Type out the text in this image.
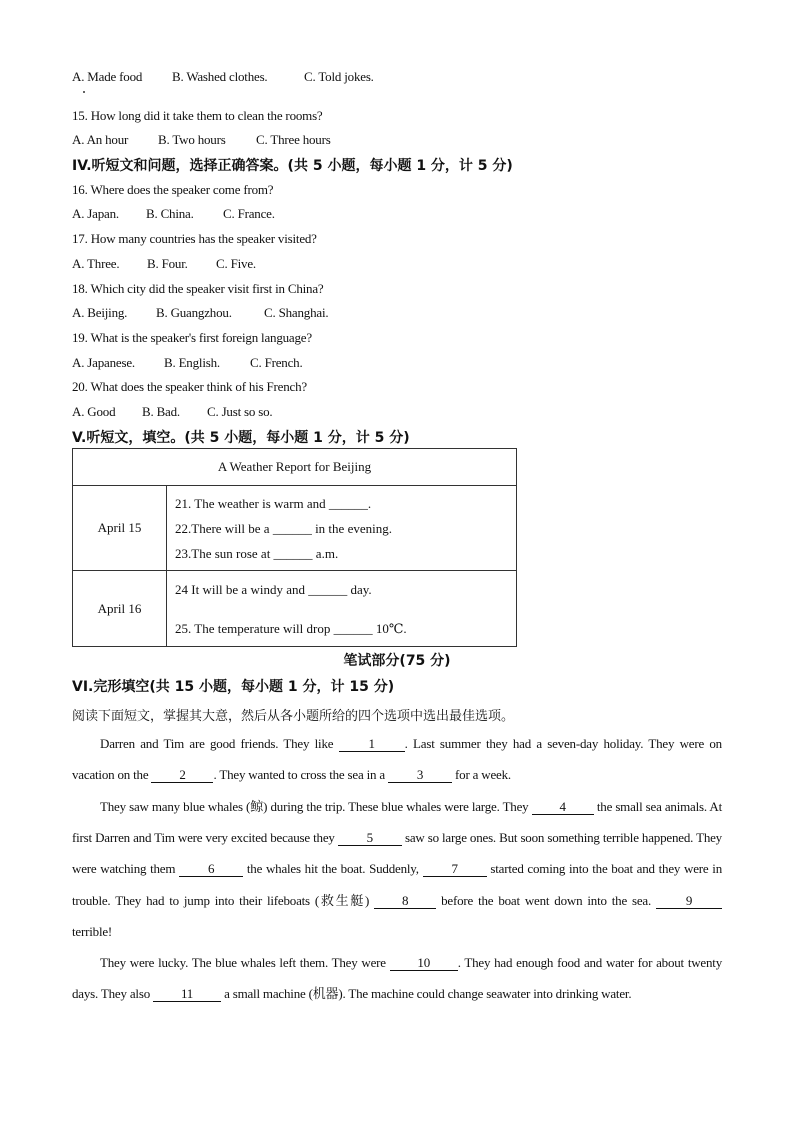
A. Made food B. Washed clothes.	C. Told jokes.
15. How long did it take them to clean the rooms?
A. An hour B. Two hours C. Three hours
IV.听短文和问题，选择正确答案。(共 5 小题，每小题 1 分，计 5 分)
16. Where does the speaker come from?
A. Japan. B. China. C. France.
17. How many countries has the speaker visited?
A. Three. B. Four. C. Five.
18. Which city did the speaker visit first in China?
A. Beijing. B. Guangzhou. C. Shanghai.
19. What is the speaker's first foreign language?
A. Japanese. B. English. C. French.
20. What does the speaker think of his French?
A. Good B. Bad. C. Just so so.
V.听短文，填空。(共 5 小题，每小题 1 分，计 5 分)
A Weather Report for Beijing	
April 15	21. The weather is warm and ______.
22.There will be a ______ in the evening.
23.The sun rose at ______ a.m.

April 16	24 It will be a windy and ______ day.
25. The temperature will drop ______ 10℃.
笔试部分(75 分)
VI.完形填空(共 15 小题，每小题 1 分，计 15 分)
阅读下面短文，掌握其大意，然后从各小题所给的四个选项中选出最佳选项。
Darren and Tim are good friends. They like 1 . Last summer they had a seven-day holiday. They were on vacation on the 2 . They wanted to cross the sea in a 3 for a week.
They saw many blue whales (鲸) during the trip. These blue whales were large. They 4 the small sea animals. At first Darren and Tim were very excited because they 5 saw so large ones. But soon something terrible happened. They were watching them 6 the whales hit the boat. Suddenly, 7 started coming into the boat and they were in trouble. They had to jump into their lifeboats (救生艇) 8 before the boat went down into the sea. 9 terrible!
They were lucky. The blue whales left them. They were 10 . They had enough food and water for about twenty days. They also 11 a small machine (机器). The machine could change seawater into drinking water.
